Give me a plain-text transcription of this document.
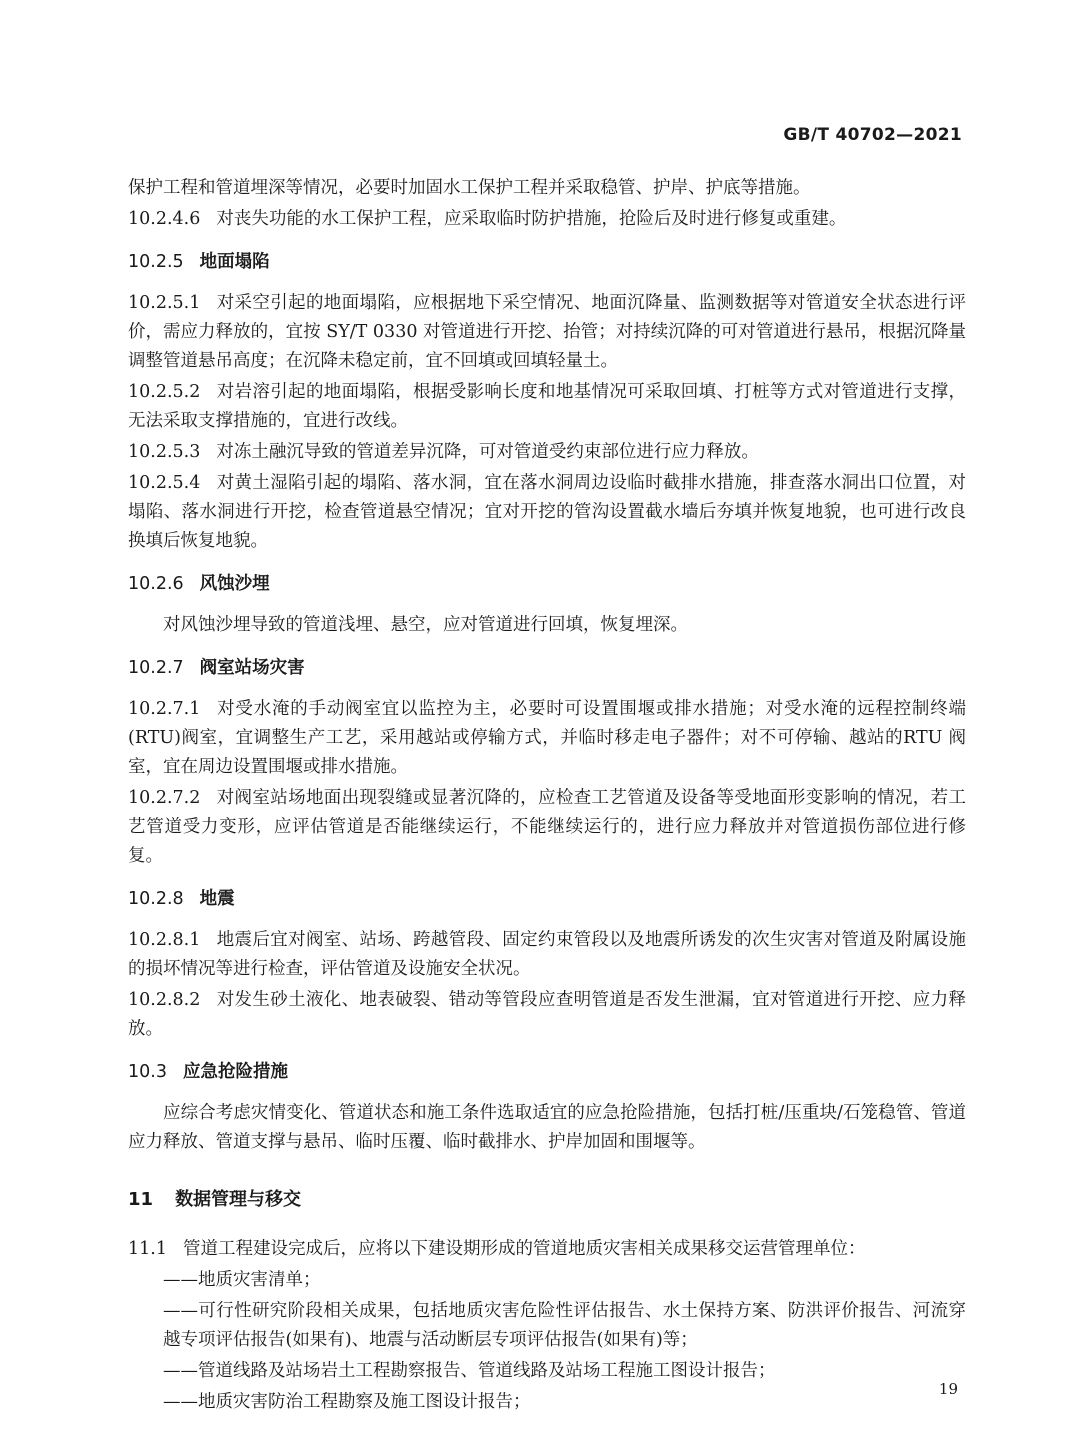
GB/T 40702—2021

保护工程和管道埋深等情况，必要时加固水工保护工程并采取稳管、护岸、护底等措施。

10.2.4.6 对丧失功能的水工保护工程，应采取临时防护措施，抢险后及时进行修复或重建。

10.2.5 地面塌陷

10.2.5.1 对采空引起的地面塌陷，应根据地下采空情况、地面沉降量、监测数据等对管道安全状态进行评价，需应力释放的，宜按 SY/T 0330 对管道进行开挖、抬管；对持续沉降的可对管道进行悬吊，根据沉降量调整管道悬吊高度；在沉降未稳定前，宜不回填或回填轻量土。

10.2.5.2 对岩溶引起的地面塌陷，根据受影响长度和地基情况可采取回填、打桩等方式对管道进行支撑，无法采取支撑措施的，宜进行改线。

10.2.5.3 对冻土融沉导致的管道差异沉降，可对管道受约束部位进行应力释放。

10.2.5.4 对黄土湿陷引起的塌陷、落水洞，宜在落水洞周边设临时截排水措施，排查落水洞出口位置，对塌陷、落水洞进行开挖，检查管道悬空情况；宜对开挖的管沟设置截水墙后夯填并恢复地貌，也可进行改良换填后恢复地貌。

10.2.6 风蚀沙埋

对风蚀沙埋导致的管道浅埋、悬空，应对管道进行回填，恢复埋深。

10.2.7 阀室站场灾害

10.2.7.1 对受水淹的手动阀室宜以监控为主，必要时可设置围堰或排水措施；对受水淹的远程控制终端(RTU)阀室，宜调整生产工艺，采用越站或停输方式，并临时移走电子器件；对不可停输、越站的RTU 阀室，宜在周边设置围堰或排水措施。

10.2.7.2 对阀室站场地面出现裂缝或显著沉降的，应检查工艺管道及设备等受地面形变影响的情况，若工艺管道受力变形，应评估管道是否能继续运行，不能继续运行的，进行应力释放并对管道损伤部位进行修复。

10.2.8 地震

10.2.8.1 地震后宜对阀室、站场、跨越管段、固定约束管段以及地震所诱发的次生灾害对管道及附属设施的损坏情况等进行检查，评估管道及设施安全状况。

10.2.8.2 对发生砂土液化、地表破裂、错动等管段应查明管道是否发生泄漏，宜对管道进行开挖、应力释放。

10.3 应急抢险措施

应综合考虑灾情变化、管道状态和施工条件选取适宜的应急抢险措施，包括打桩/压重块/石笼稳管、管道应力释放、管道支撑与悬吊、临时压覆、临时截排水、护岸加固和围堰等。

11 数据管理与移交

11.1 管道工程建设完成后，应将以下建设期形成的管道地质灾害相关成果移交运营管理单位：

——地质灾害清单；

——可行性研究阶段相关成果，包括地质灾害危险性评估报告、水土保持方案、防洪评价报告、河流穿越专项评估报告(如果有)、地震与活动断层专项评估报告(如果有)等；

——管道线路及站场岩土工程勘察报告、管道线路及站场工程施工图设计报告；

——地质灾害防治工程勘察及施工图设计报告；

19
